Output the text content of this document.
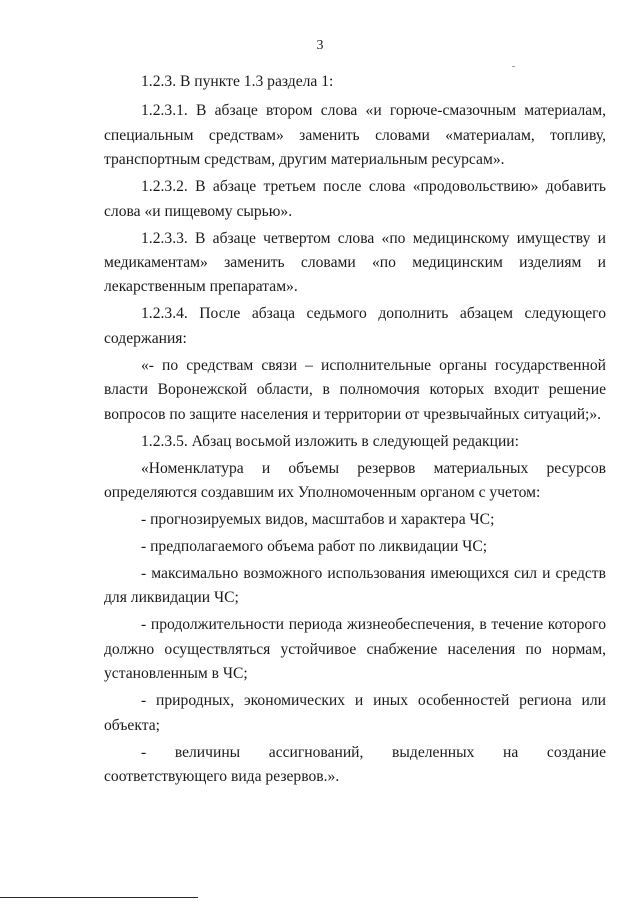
3

1.2.3. В пункте 1.3 раздела 1:

1.2.3.1. В абзаце втором слова «и горюче-смазочным материалам, специальным средствам» заменить словами «материалам, топливу, транспортным средствам, другим материальным ресурсам».

1.2.3.2. В абзаце третьем после слова «продовольствию» добавить слова «и пищевому сырью».

1.2.3.3. В абзаце четвертом слова «по медицинскому имуществу и медикаментам» заменить словами «по медицинским изделиям и лекарственным препаратам».

1.2.3.4. После абзаца седьмого дополнить абзацем следующего содержания:

«- по средствам связи – исполнительные органы государственной власти Воронежской области, в полномочия которых входит решение вопросов по защите населения и территории от чрезвычайных ситуаций;».

1.2.3.5. Абзац восьмой изложить в следующей редакции:

«Номенклатура и объемы резервов материальных ресурсов определяются создавшим их Уполномоченным органом с учетом:

- прогнозируемых видов, масштабов и характера ЧС;

- предполагаемого объема работ по ликвидации ЧС;

- максимально возможного использования имеющихся сил и средств для ликвидации ЧС;

- продолжительности периода жизнеобеспечения, в течение которого должно осуществляться устойчивое снабжение населения по нормам, установленным в ЧС;

- природных, экономических и иных особенностей региона или объекта;

- величины ассигнований, выделенных на создание соответствующего вида резервов.».
